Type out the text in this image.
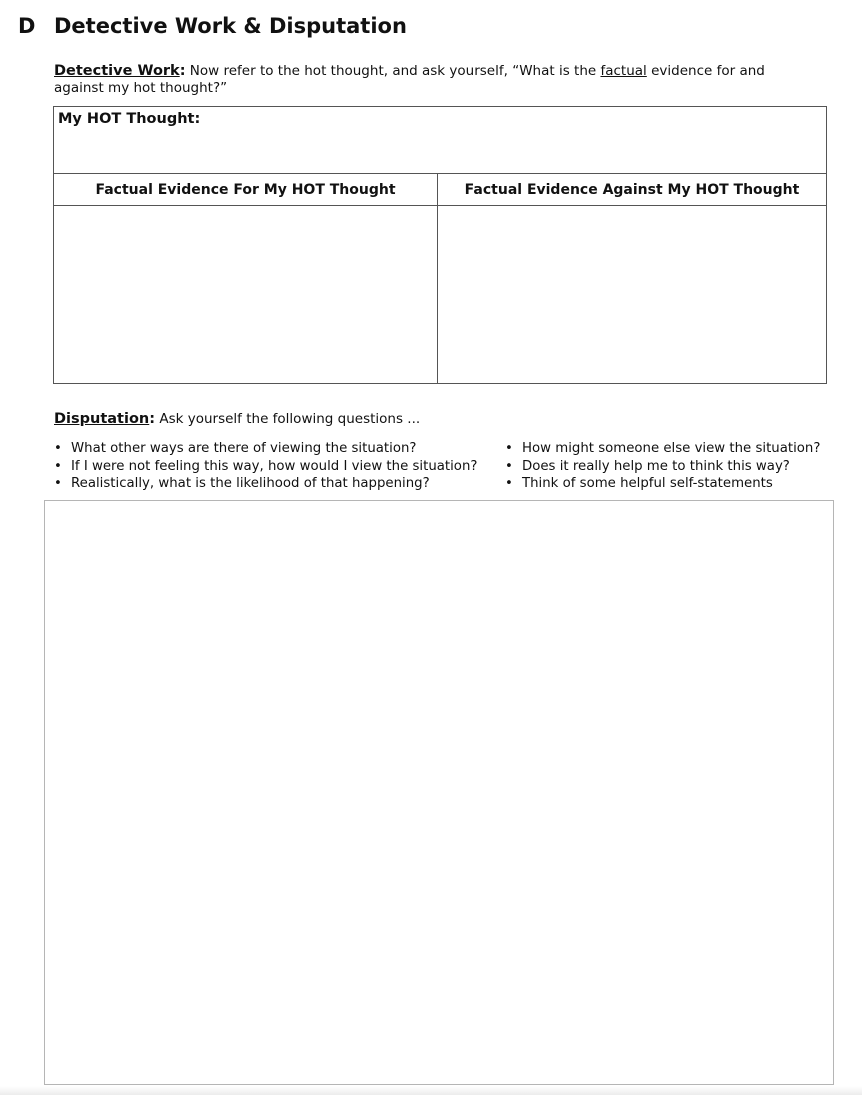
D Detective Work & Disputation
Detective Work: Now refer to the hot thought, and ask yourself, “What is the factual evidence for and against my hot thought?”
My HOT Thought:
Factual Evidence For My HOT Thought	Factual Evidence Against My HOT Thought
Disputation: Ask yourself the following questions ...
• What other ways are there of viewing the situation?
• If I were not feeling this way, how would I view the situation?
• Realistically, what is the likelihood of that happening?
• How might someone else view the situation?
• Does it really help me to think this way?
• Think of some helpful self-statements
